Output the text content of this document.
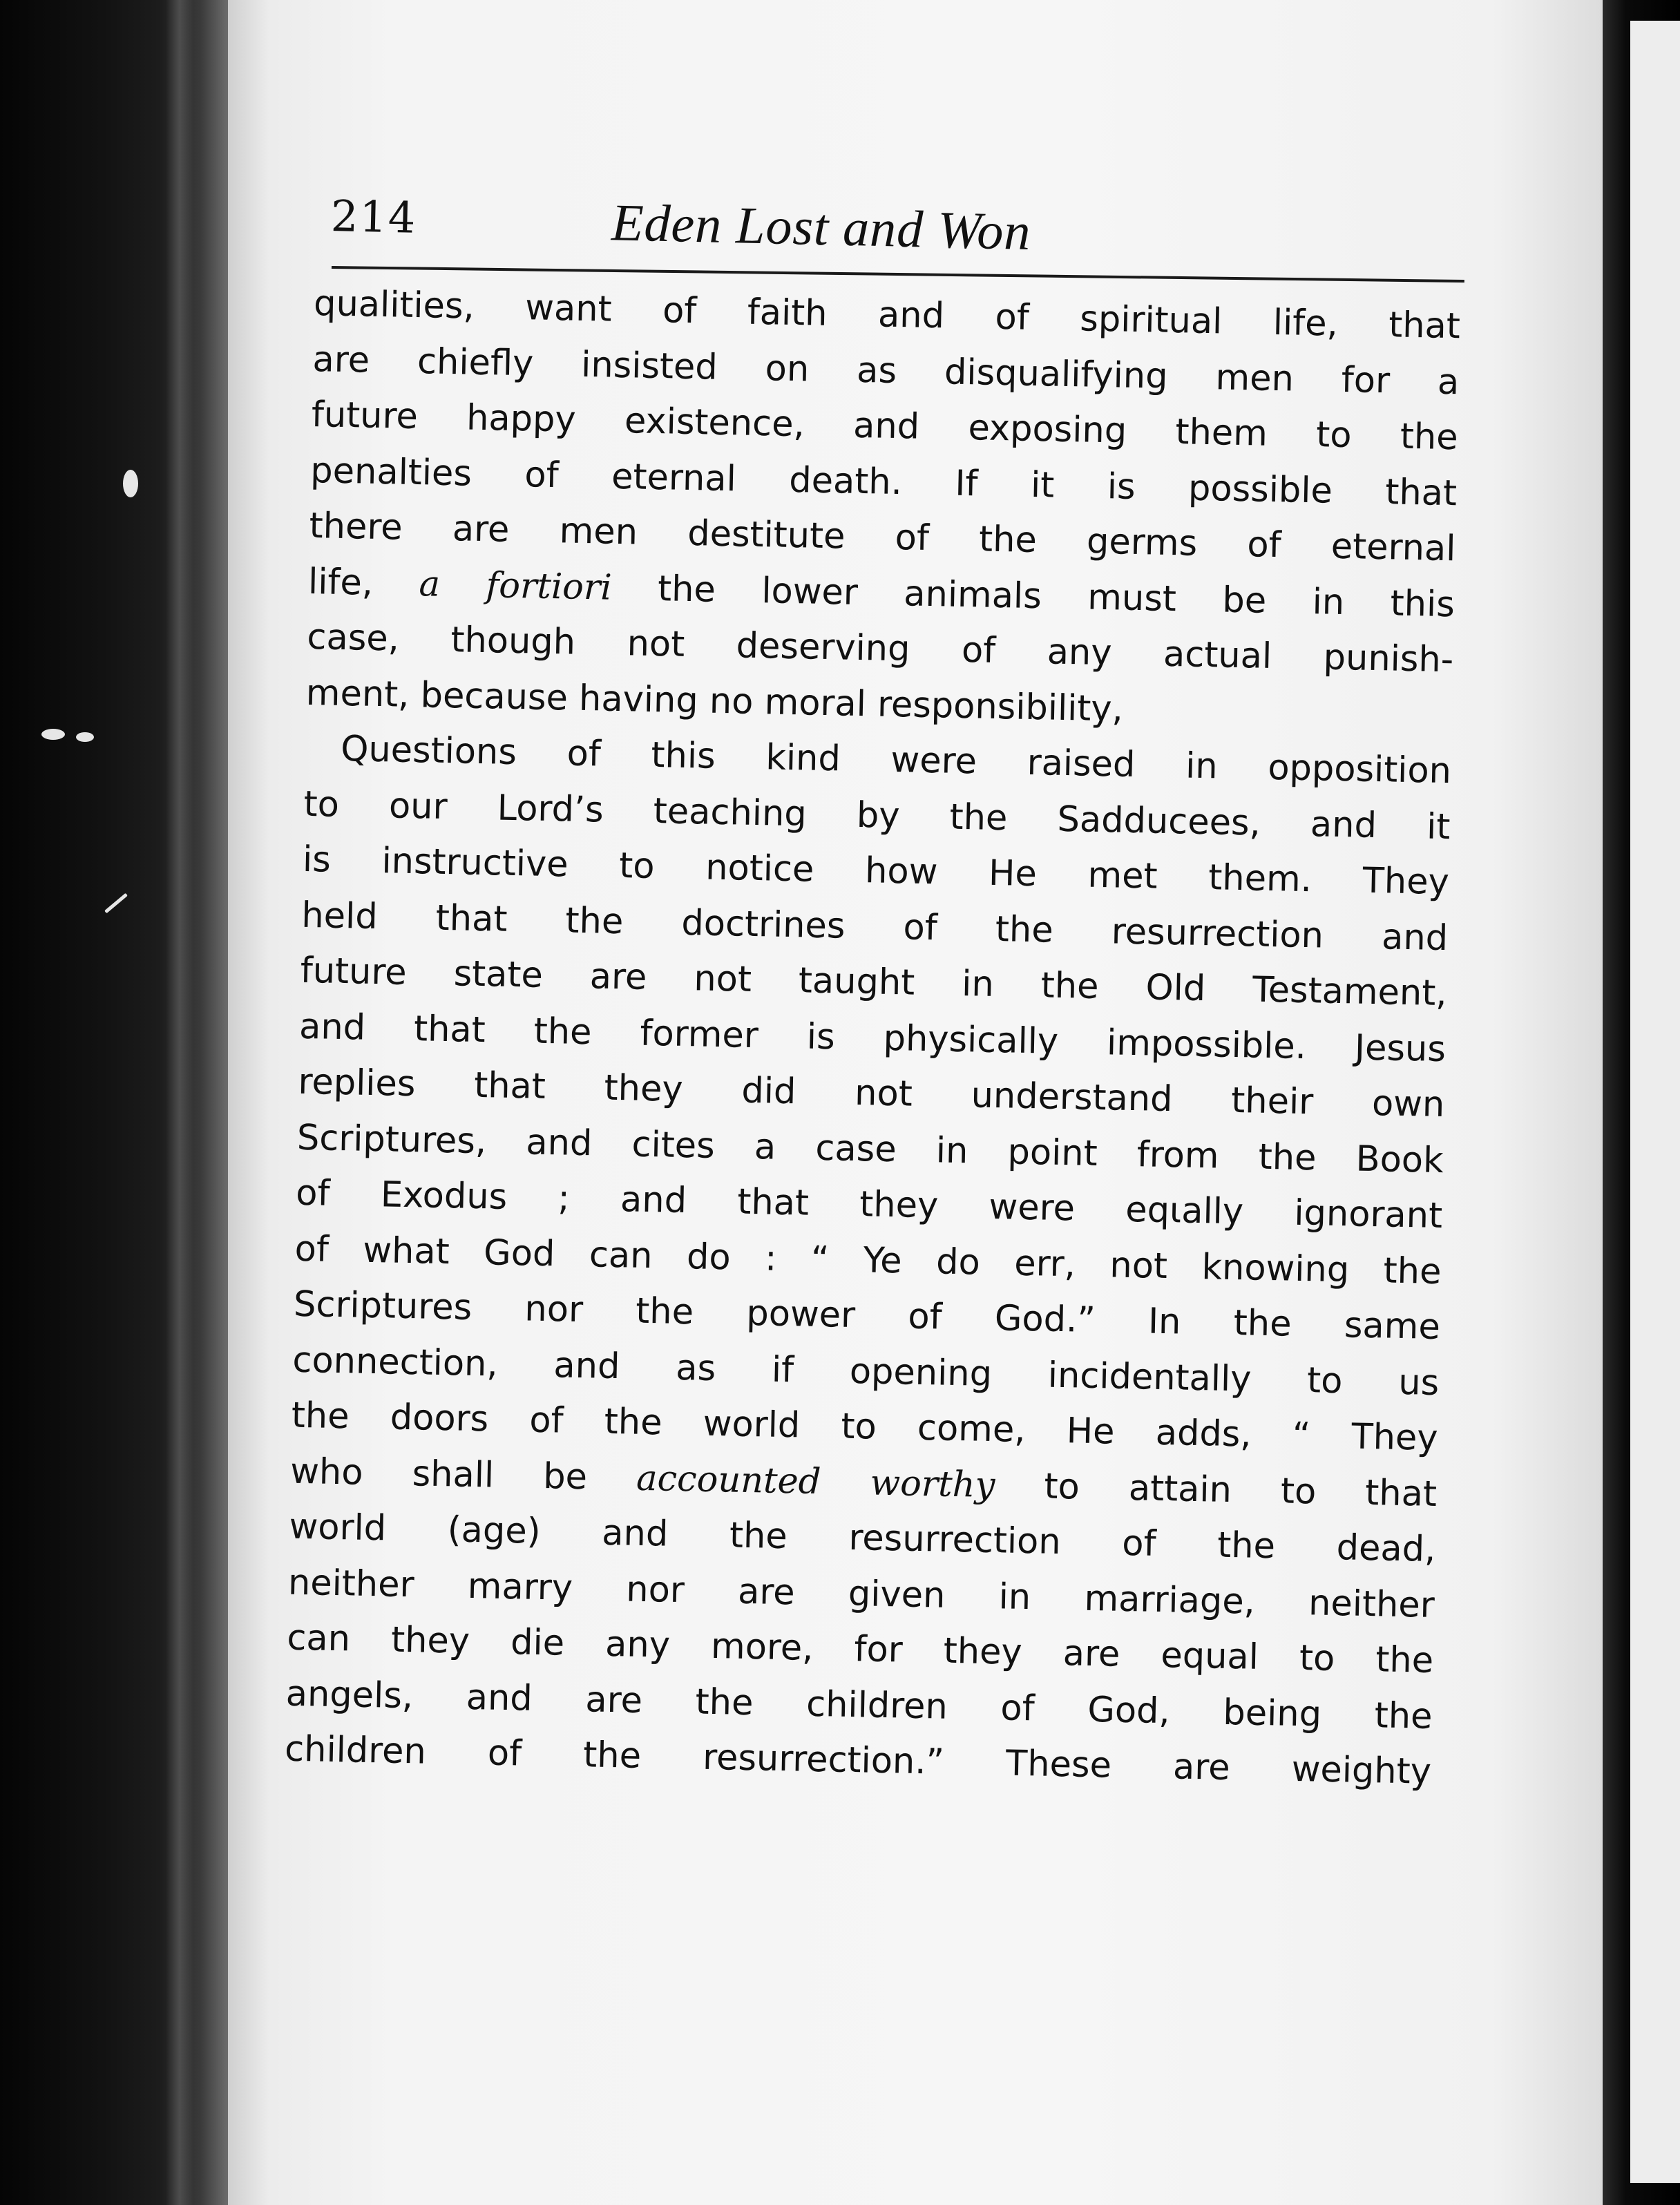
214	Eden Lost and Won
qualities, want of faith and of spiritual life, that
are chiefly insisted on as disqualifying men for a
future happy existence, and exposing them to the
penalties of eternal death. If it is possible that
there are men destitute of the germs of eternal
life, a fortiori the lower animals must be in this
case, though not deserving of any actual punish-
ment, because having no moral responsibility,
Questions of this kind were raised in opposition
to our Lord’s teaching by the Sadducees, and it
is instructive to notice how He met them. They
held that the doctrines of the resurrection and
future state are not taught in the Old Testament,
and that the former is physically impossible. Jesus
replies that they did not understand their own
Scriptures, and cites a case in point from the Book
of Exodus ; and that they were eqιally ignorant
of what God can do : “ Ye do err, not knowing the
Scriptures nor the power of God.” In the same
connection, and as if opening incidentally to us
the doors of the world to come, He adds, “ They
who shall be accounted worthy to attain to that
world (age) and the resurrection of the dead,
neither marry nor are given in marriage, neither
can they die any more, for they are equal to the
angels, and are the children of God, being the
children of the resurrection.” These are weighty
